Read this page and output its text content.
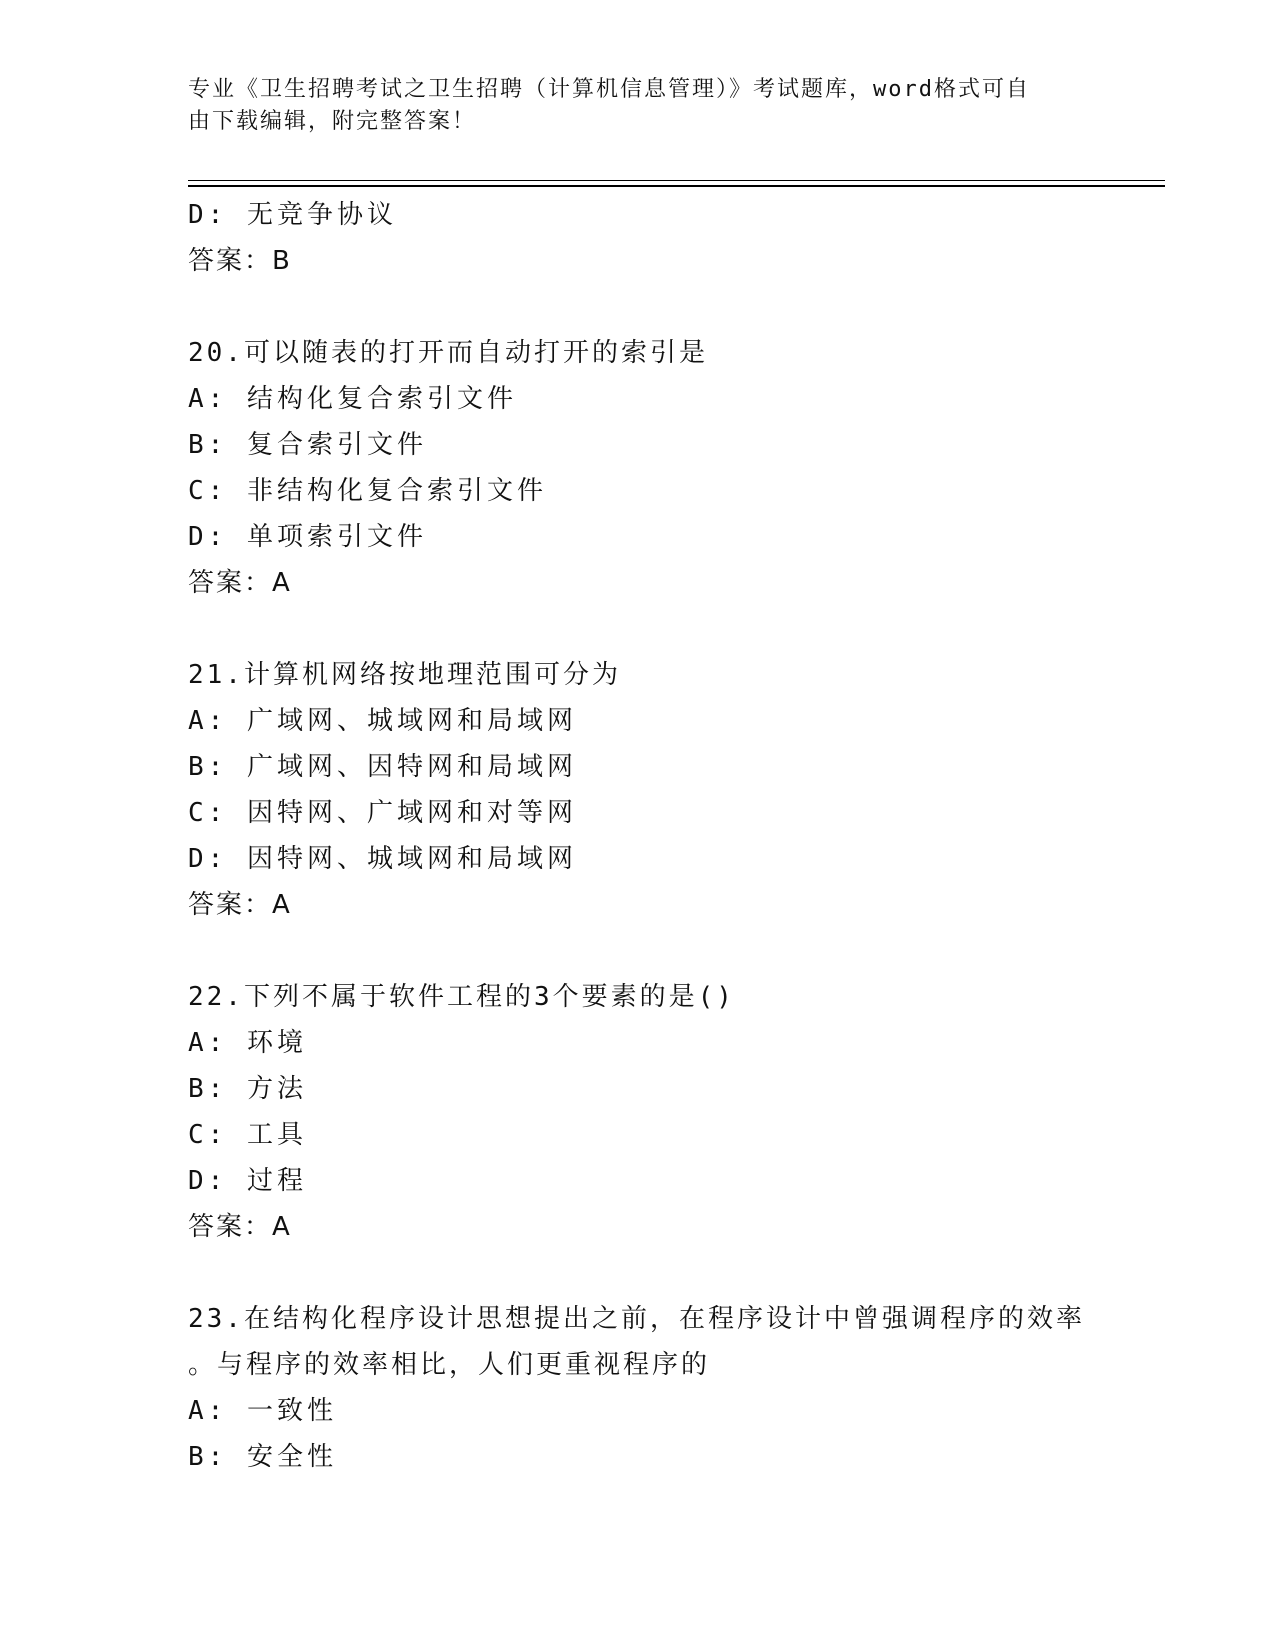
专业《卫生招聘考试之卫生招聘（计算机信息管理）》考试题库，word格式可自
由下载编辑，附完整答案！
D: 无竞争协议
答案：B
20.可以随表的打开而自动打开的索引是
A: 结构化复合索引文件
B: 复合索引文件
C: 非结构化复合索引文件
D: 单项索引文件
答案：A
21.计算机网络按地理范围可分为
A: 广域网、城域网和局域网
B: 广域网、因特网和局域网
C: 因特网、广域网和对等网
D: 因特网、城域网和局域网
答案：A
22.下列不属于软件工程的3个要素的是()
A: 环境
B: 方法
C: 工具
D: 过程
答案：A
23.在结构化程序设计思想提出之前，在程序设计中曾强调程序的效率
。与程序的效率相比，人们更重视程序的
A: 一致性
B: 安全性
